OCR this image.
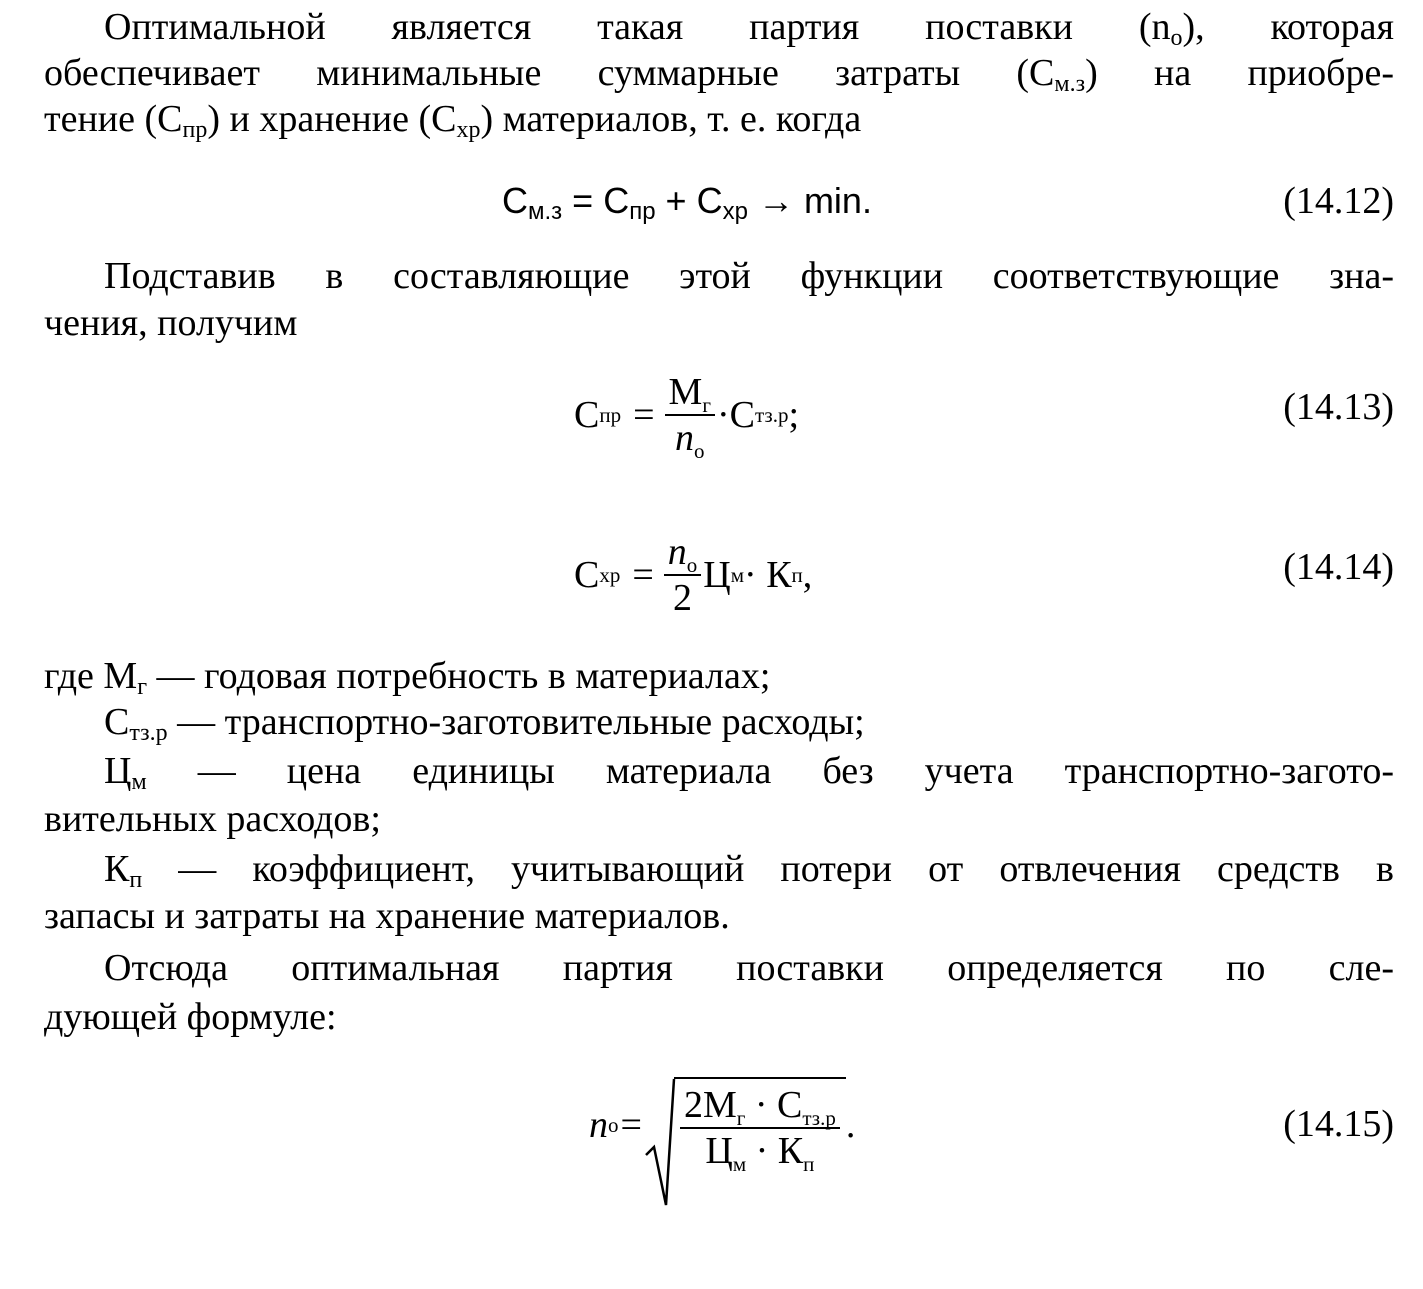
Оптимальной является такая партия поставки $(n_о)$, которая
обеспечивает минимальные суммарные затраты $(С_{м.з})$ на приобре-
тение $(С_{пр})$ и хранение $(С_{хр})$ материалов, т. е. когда
$С_{м.з} = С_{пр} + С_{хр} \to \min$.	(14.12)
Подставив в составляющие этой функции соответствующие зна-
чения, получим
С пр = $\frac{М_г}{n_о} \cdot С$ тз.р ;	(14.13)
С хр = $\frac{n_о}{2}$ Ц м · К п ,	(14.14)
где $М_г$ — годовая потребность в материалах;
$С_{тз.р}$ — транспортно-заготовительные расходы;
$Ц_м$ — цена единицы материала без учета транспортно-загото-
вительных расходов;
$К_п$ — коэффициент, учитывающий потери от отвлечения средств в
запасы и затраты на хранение материалов.
Отсюда оптимальная партия поставки определяется по сле-
дующей формуле:
n $о = \frac{2М_г \cdot С_{тз.р}}{Ц_м \cdot К_п}$ .	(14.15)
